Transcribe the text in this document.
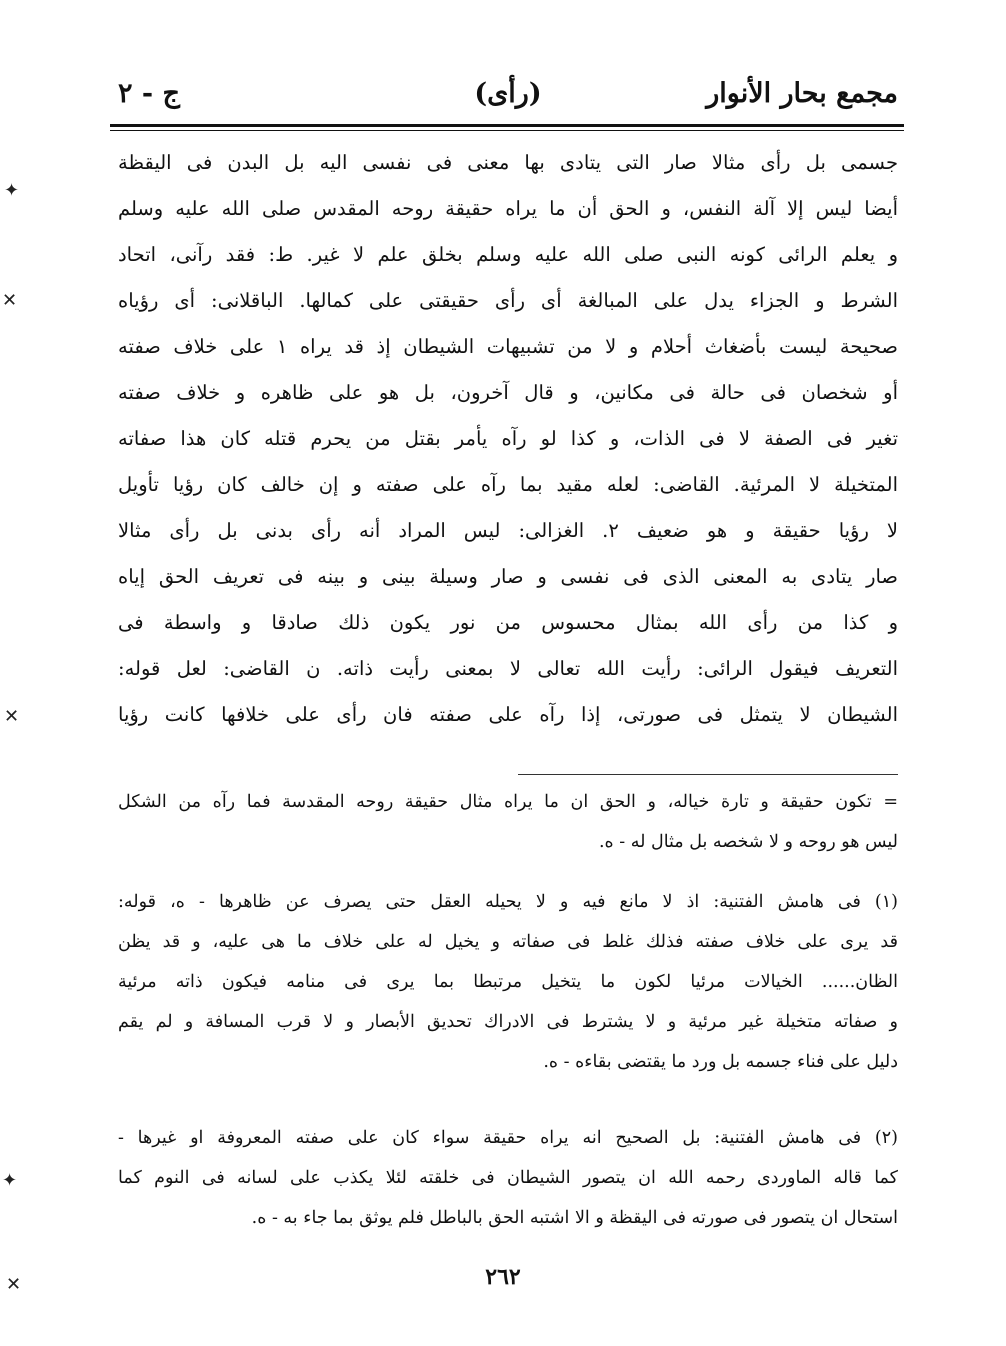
مجمع بحار الأنوار
(رأى)
ج - ٢
جسمى بل رأى مثالا صار التى يتادى بها معنى فى نفسى اليه بل البدن فى اليقظة
أيضا ليس إلا آلة النفس، و الحق أن ما يراه حقيقة روحه المقدس صلى الله عليه وسلم
و يعلم الرائى كونه النبى صلى الله عليه وسلم بخلق علم لا غير. ط: فقد رآنى، اتحاد
الشرط و الجزاء يدل على المبالغة أى رأى حقيقتى على كمالها. الباقلانى: أى رؤياه
صحيحة ليست بأضغاث أحلام و لا من تشبيهات الشيطان إذ قد يراه ١ على خلاف صفته
أو شخصان فى حالة فى مكانين، و قال آخرون، بل هو على ظاهره و خلاف صفته
تغير فى الصفة لا فى الذات، و كذا لو رآه يأمر بقتل من يحرم قتله كان هذا صفاته
المتخيلة لا المرئية. القاضى: لعله مقيد بما رآه على صفته و إن خالف كان رؤيا تأويل
لا رؤيا حقيقة و هو ضعيف ٢. الغزالى: ليس المراد أنه رأى بدنى بل رأى مثالا
صار يتادى به المعنى الذى فى نفسى و صار وسيلة بينى و بينه فى تعريف الحق إياه
و كذا من رأى الله بمثال محسوس من نور يكون ذلك صادقا و واسطة فى
التعريف فيقول الرائى: رأيت الله تعالى لا بمعنى رأيت ذاته. ن القاضى: لعل قوله:
الشيطان لا يتمثل فى صورتى، إذا رآه على صفته فان رأى على خلافها كانت رؤيا
= تكون حقيقة و تارة خياله، و الحق ان ما يراه مثال حقيقة روحه المقدسة فما رآه من الشكل
ليس هو روحه و لا شخصه بل مثال له - ه.
(١) فى هامش الفتنية: اذ لا مانع فيه و لا يحيله العقل حتى يصرف عن ظاهرها - ه، قوله:
قد يرى على خلاف صفته فذلك غلط فى صفاته و يخيل له على خلاف ما هى عليه، و قد يظن
الظان...... الخيالات مرئيا لكون ما يتخيل مرتبطا بما يرى فى منامه فيكون ذاته مرئية
و صفاته متخيلة غير مرئية و لا يشترط فى الادراك تحديق الأبصار و لا قرب المسافة و لم يقم
دليل على فناء جسمه بل ورد ما يقتضى بقاءه - ه.
(٢) فى هامش الفتنية: بل الصحيح انه يراه حقيقة سواء كان على صفته المعروفة او غيرها -
كما قاله الماوردى رحمه الله ان يتصور الشيطان فى خلقته لئلا يكذب على لسانه فى النوم كما
استحال ان يتصور فى صورته فى اليقظة و الا اشتبه الحق بالباطل فلم يوثق بما جاء به - ه.
٢٦٢
✦
✕
✕
✦
✕
